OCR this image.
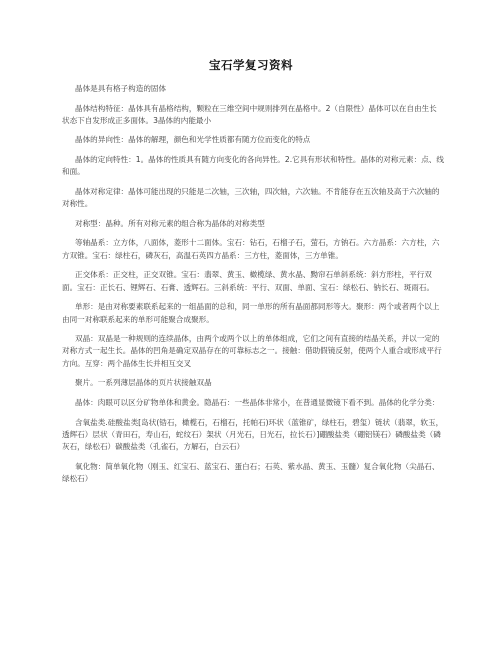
宝石学复习资料

晶体是具有格子构造的固体

晶体结构特征：晶体具有晶格结构，颗粒在三维空间中规则排列在晶格中。2（自限性）晶体可以在自由生长状态下自发形成正多面体。3晶体的内能最小

晶体的异向性：晶体的解理，颜色和光学性质都有随方位而变化的特点

晶体的定向特性：1。晶体的性质具有随方向变化的各向异性。2.它具有形状和特性。晶体的对称元素：点、线和面。

晶体对称定律：晶体可能出现的只能是二次轴，三次轴，四次轴，六次轴。不肯能存在五次轴及高于六次轴的对称性。

对称型：晶种。所有对称元素的组合称为晶体的对称类型

等轴晶系：立方体，八面体，菱形十二面体。宝石：钻石，石榴子石，萤石，方钠石。六方晶系：六方柱，六方双锥。宝石：绿柱石，磷灰石，高温石英四方晶系：三方柱，菱面体，三方单锥。

正交体系：正交柱，正交双锥。宝石：翡翠、黄玉、橄榄绿、黄水晶、黝帘石单斜系统：斜方形柱，平行双面。宝石：正长石、锂辉石、石膏、透辉石。三斜系统：平行、双面、单面、宝石：绿松石、钠长石、斑雨石。

单形：是由对称要素联系起来的一组晶面的总和，同一单形的所有晶面都同形等大。聚形：两个或者两个以上由同一对称联系起来的单形可能聚合成聚形。

双晶：双晶是一种规则的连续晶体，由两个或两个以上的单体组成，它们之间有直接的结晶关系，并以一定的对称方式一起生长。晶体的凹角是确定双晶存在的可靠标志之一。接触：借助假镜反射，使两个人重合或形成平行方向。互穿：两个晶体生长并相互交叉

聚片。一系列薄层晶体的页片状接触双晶

晶体：肉眼可以区分矿物单体和黄金。隐晶石：一些晶体非常小，在普通显微镜下看不到。晶体的化学分类：

含氧盐类.硅酸盐类[岛状(锆石，橄榄石，石榴石，托帕石)环状（蓝锥矿，绿柱石，碧玺）链状（翡翠，软玉，透辉石）层状（青田石，寿山石，蛇纹石）架状（月光石，日光石，拉长石）]硼酸盐类（硼铝镁石）磷酸盐类（磷灰石，绿松石）碳酸盐类（孔雀石，方解石，白云石）

氧化物：简单氧化物（刚玉、红宝石、蓝宝石、蛋白石；石英、紫水晶、黄玉、玉髓）复合氧化物（尖晶石、绿松石）
